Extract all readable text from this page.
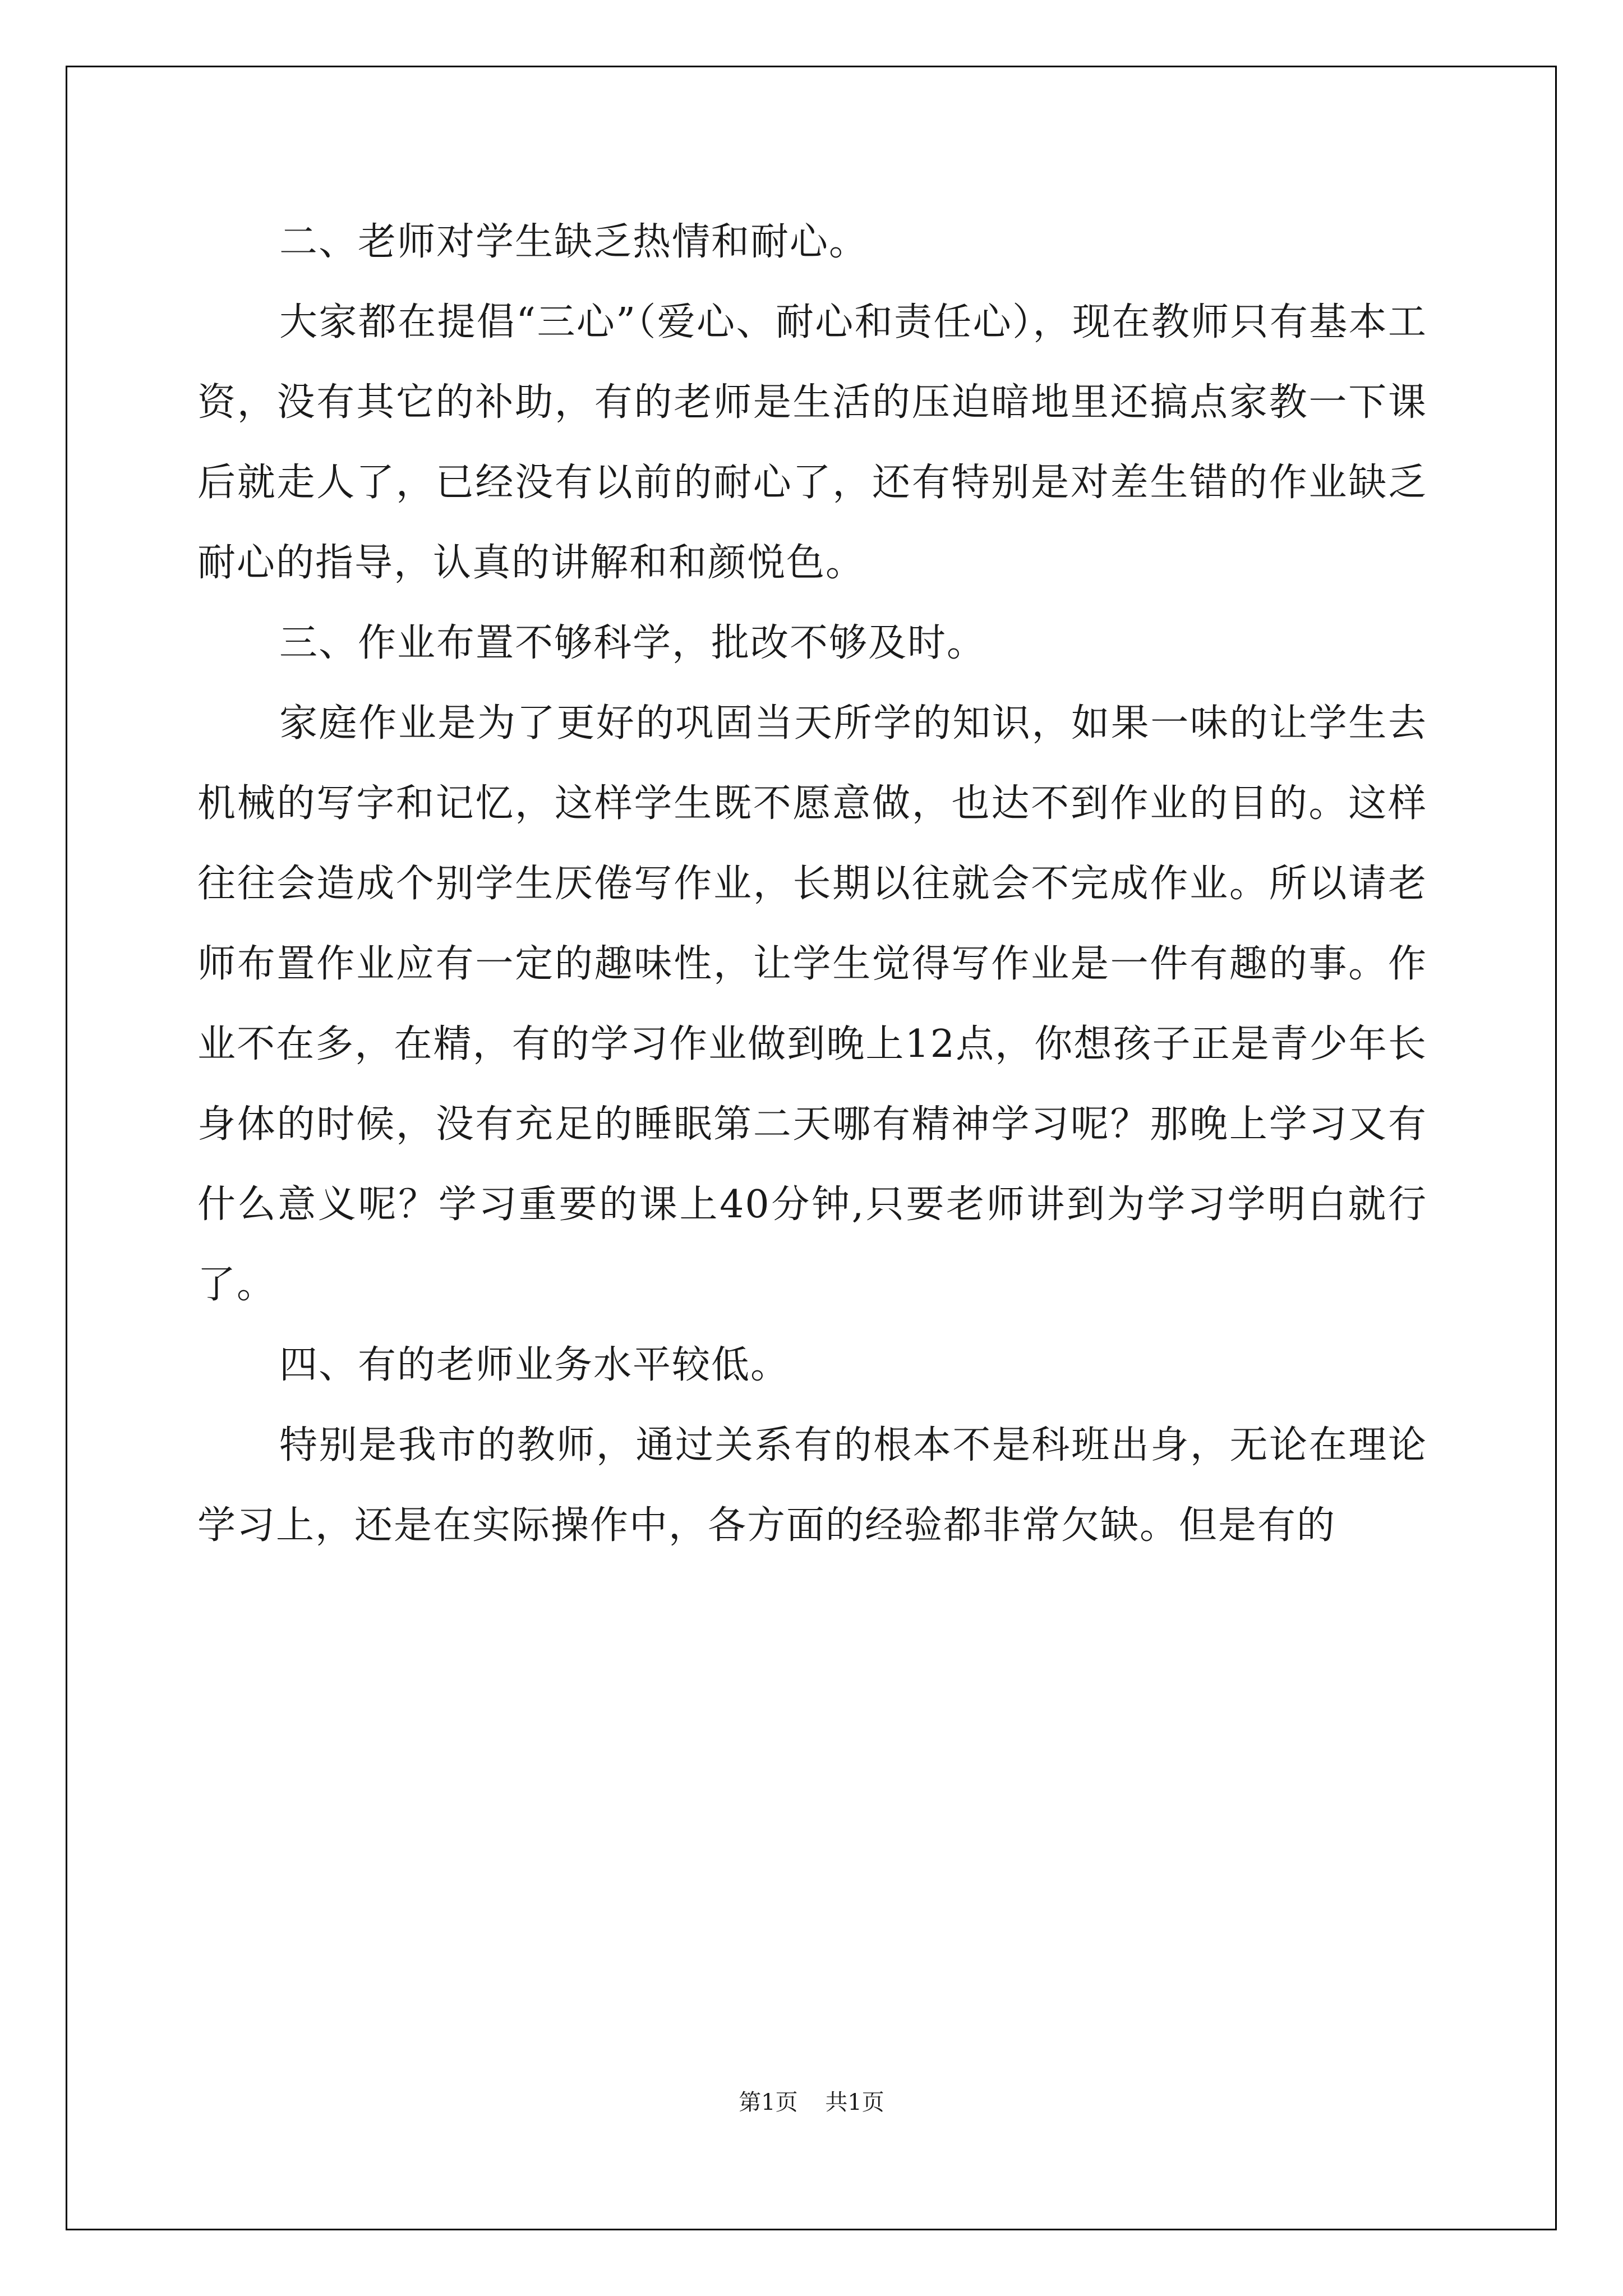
二、老师对学生缺乏热情和耐心。

大家都在提倡“三心”（爱心、耐心和责任心），现在教师只有基本工资，没有其它的补助，有的老师是生活的压迫暗地里还搞点家教一下课后就走人了，已经没有以前的耐心了，还有特别是对差生错的作业缺乏耐心的指导，认真的讲解和和颜悦色。

三、作业布置不够科学，批改不够及时。

家庭作业是为了更好的巩固当天所学的知识，如果一味的让学生去机械的写字和记忆，这样学生既不愿意做，也达不到作业的目的。这样往往会造成个别学生厌倦写作业，长期以往就会不完成作业。所以请老师布置作业应有一定的趣味性，让学生觉得写作业是一件有趣的事。作业不在多，在精，有的学习作业做到晚上12点，你想孩子正是青少年长身体的时候，没有充足的睡眠第二天哪有精神学习呢？那晚上学习又有什么意义呢？学习重要的课上40分钟,只要老师讲到为学习学明白就行了。

四、有的老师业务水平较低。

特别是我市的教师，通过关系有的根本不是科班出身，无论在理论学习上，还是在实际操作中，各方面的经验都非常欠缺。但是有的

第1页 共1页
